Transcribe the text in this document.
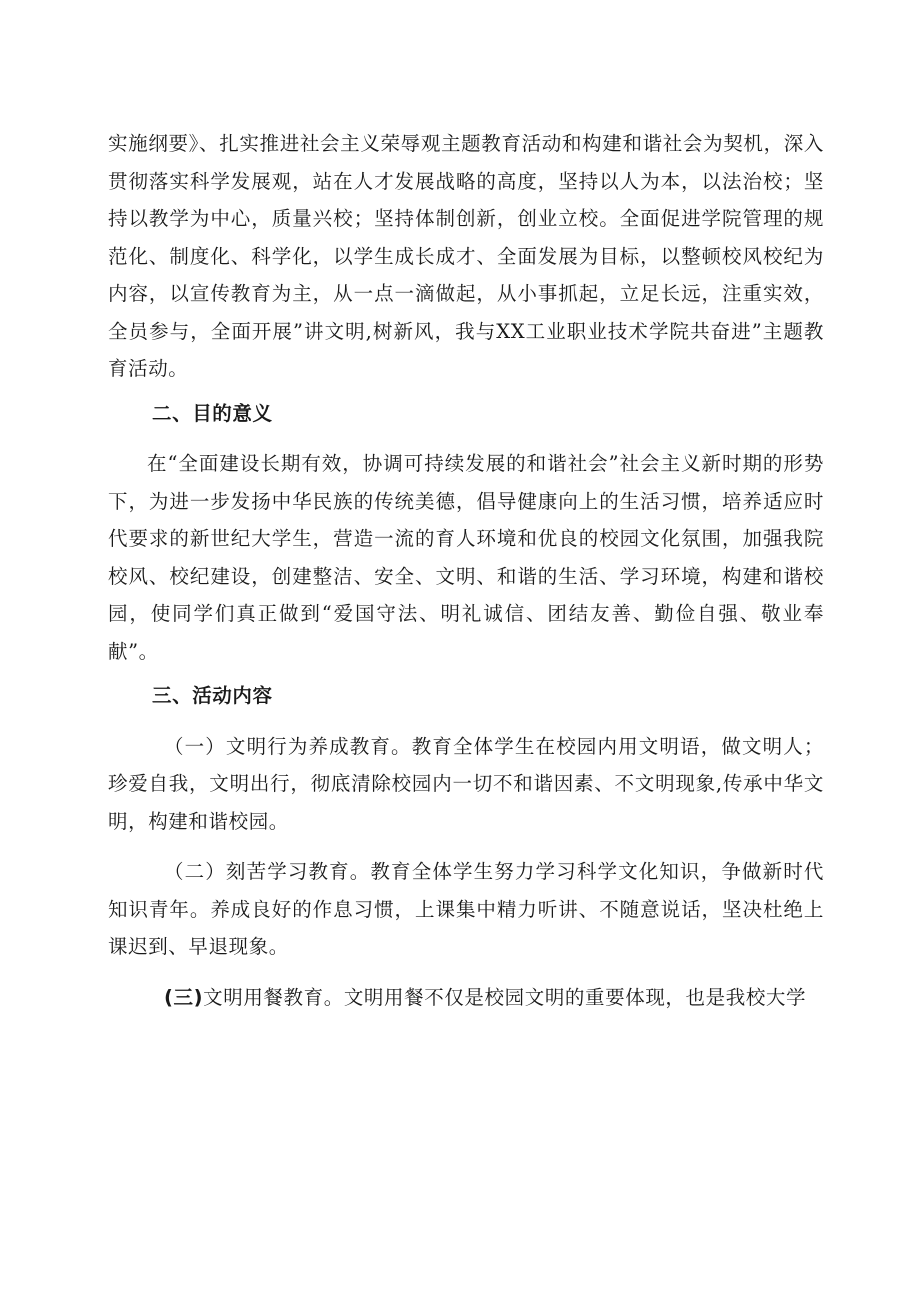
实施纲要》、扎实推进社会主义荣辱观主题教育活动和构建和谐社会为契机，深入贯彻落实科学发展观，站在人才发展战略的高度，坚持以人为本，以法治校；坚持以教学为中心，质量兴校；坚持体制创新，创业立校。全面促进学院管理的规范化、制度化、科学化，以学生成长成才、全面发展为目标，以整顿校风校纪为内容，以宣传教育为主，从一点一滴做起，从小事抓起，立足长远，注重实效，全员参与，全面开展”讲文明,树新风，我与XX工业职业技术学院共奋进”主题教育活动。

二、目的意义

在“全面建设长期有效，协调可持续发展的和谐社会”社会主义新时期的形势下，为进一步发扬中华民族的传统美德，倡导健康向上的生活习惯，培养适应时代要求的新世纪大学生，营造一流的育人环境和优良的校园文化氛围，加强我院校风、校纪建设，创建整洁、安全、文明、和谐的生活、学习环境，构建和谐校园，使同学们真正做到“爱国守法、明礼诚信、团结友善、勤俭自强、敬业奉献”。

三、活动内容

（一）文明行为养成教育。教育全体学生在校园内用文明语，做文明人；珍爱自我，文明出行，彻底清除校园内一切不和谐因素、不文明现象,传承中华文明，构建和谐校园。

（二）刻苦学习教育。教育全体学生努力学习科学文化知识，争做新时代知识青年。养成良好的作息习惯，上课集中精力听讲、不随意说话，坚决杜绝上课迟到、早退现象。

(三)文明用餐教育。文明用餐不仅是校园文明的重要体现，也是我校大学
